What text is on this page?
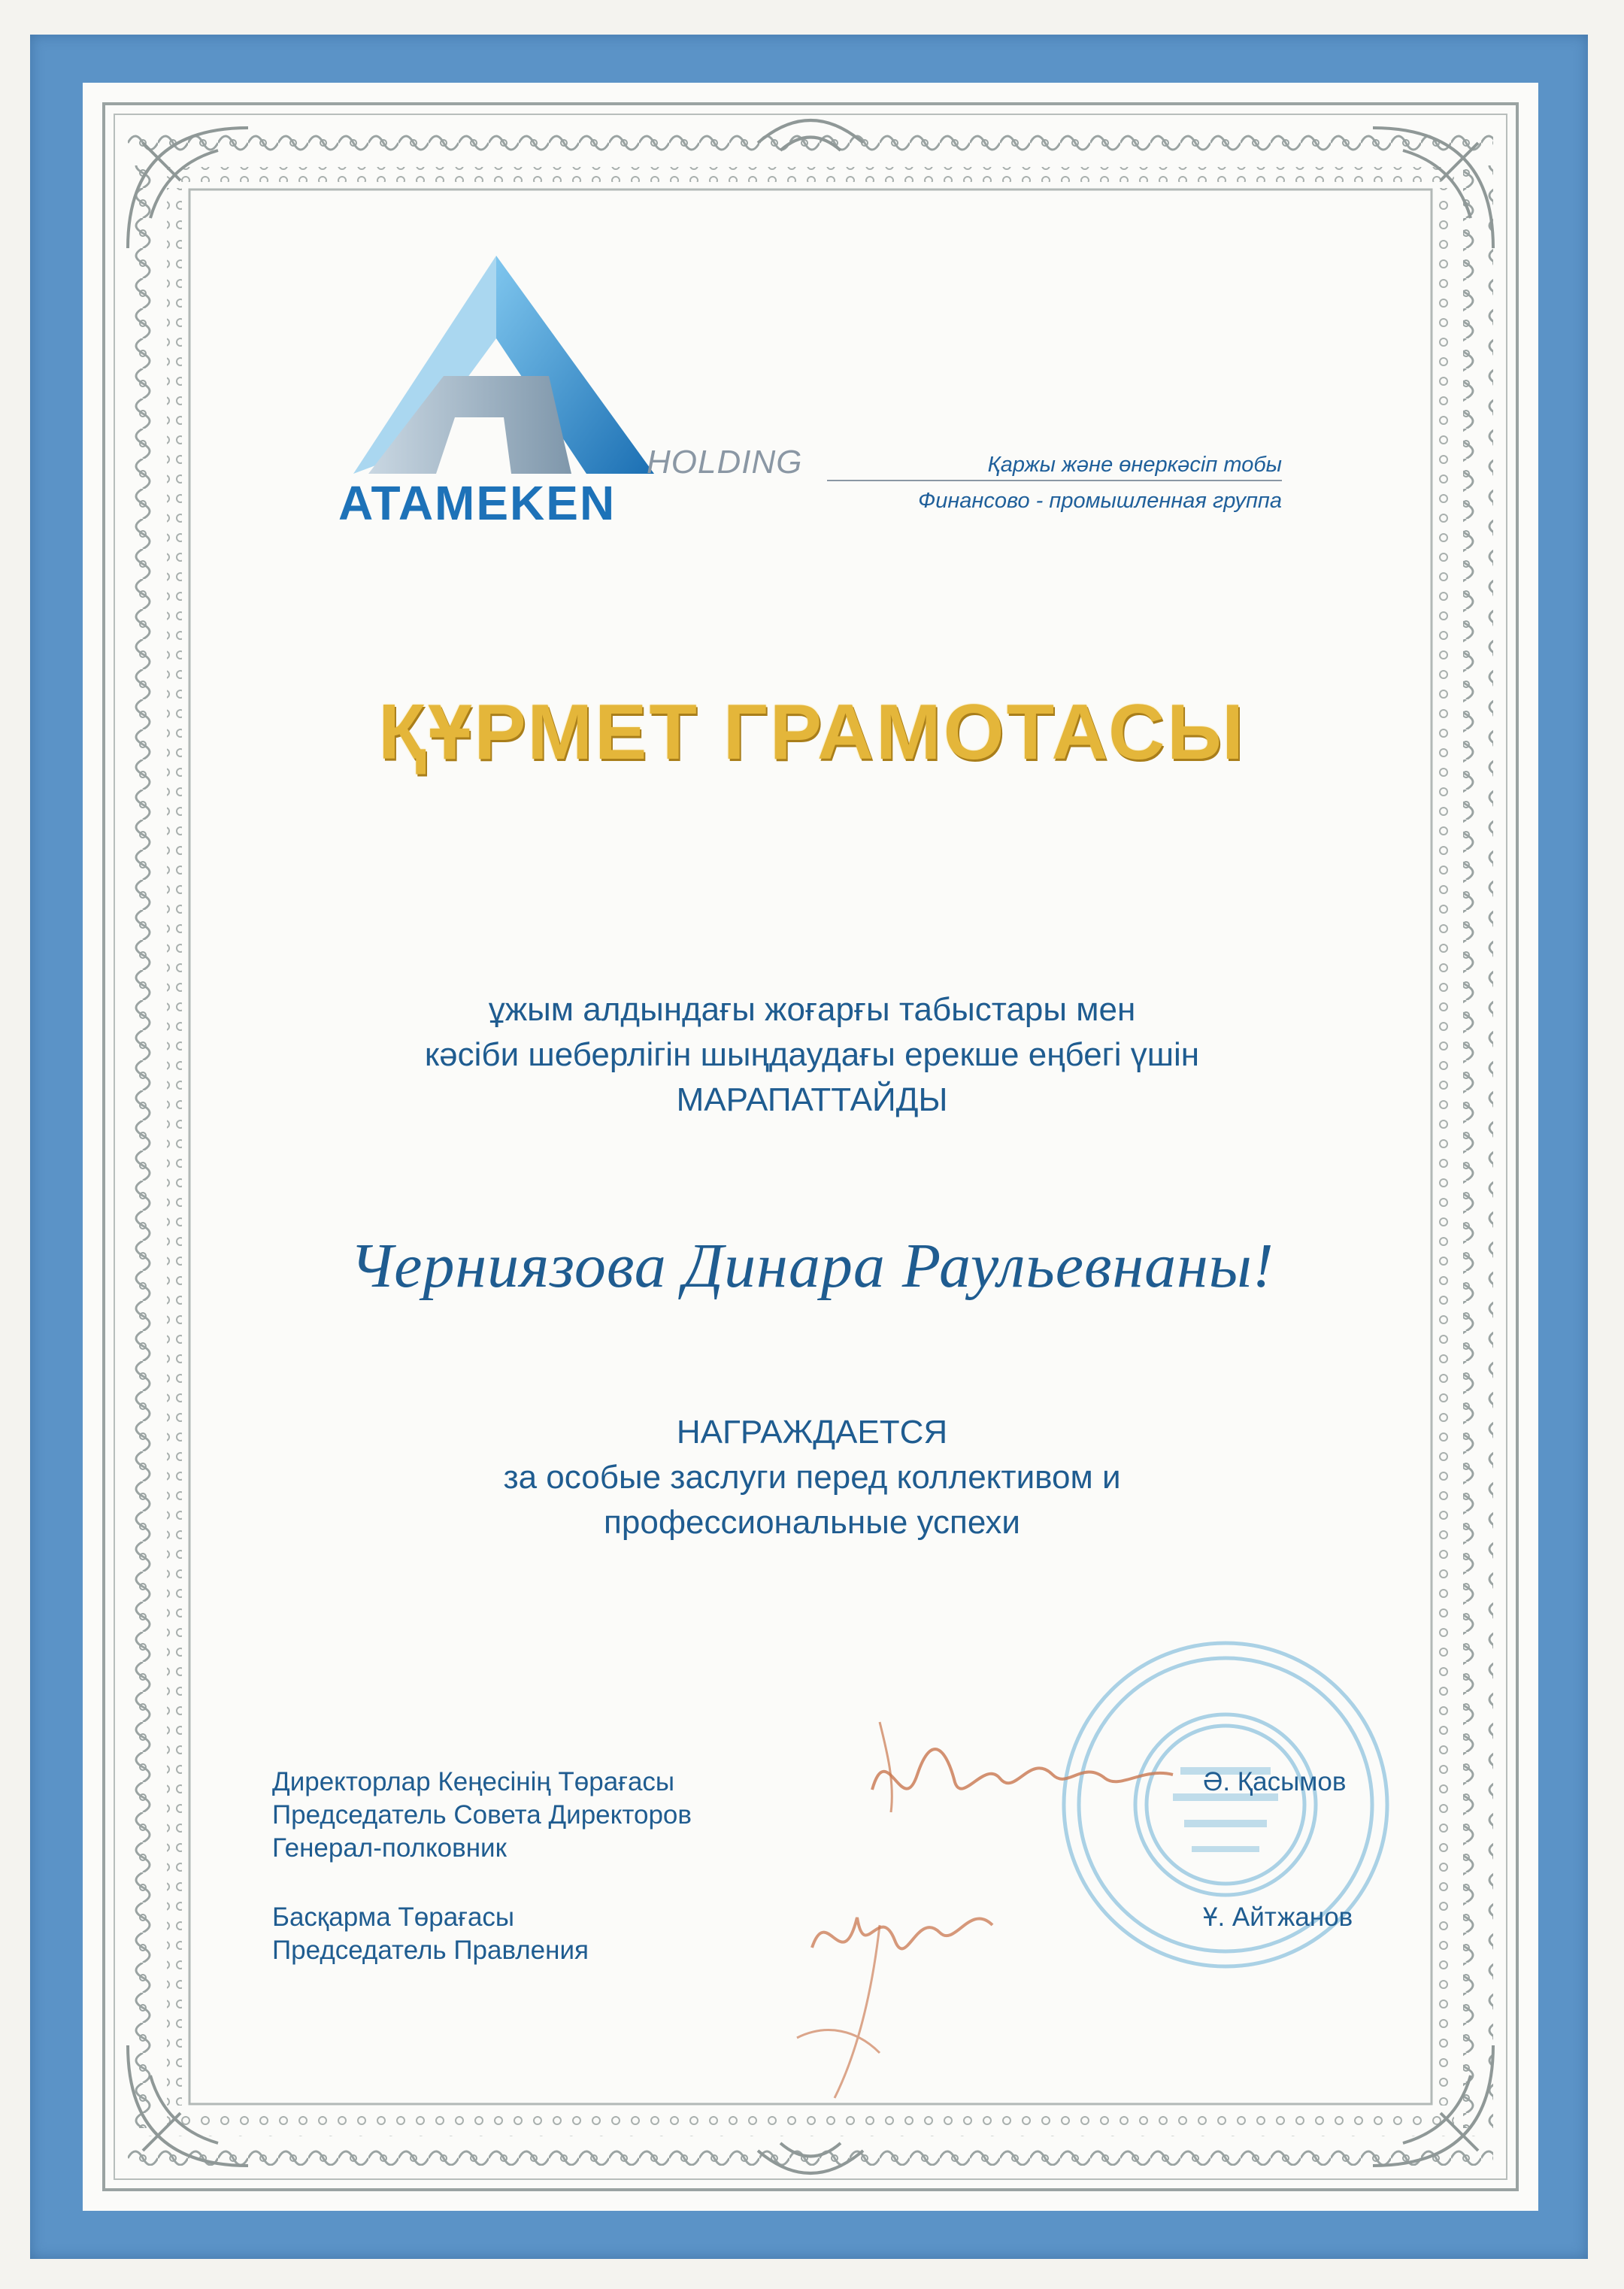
ATAMEKEN
HOLDING	Қаржы және өнеркәсіп тобы
Финансово - промышленная группа
ҚҰРМЕТ ГРАМОТАСЫ
ұжым алдындағы жоғарғы табыстары мен
кәсіби шеберлігін шыңдаудағы ерекше еңбегі үшін
МАРАПАТТАЙДЫ
Черниязова Динара Раульевнаны!
НАГРАЖДАЕТСЯ
за особые заслуги перед коллективом и
профессиональные успехи
Директорлар Кеңесінің Төрағасы
Председатель Совета Директоров
Генерал-полковник
Ә. Қасымов
Басқарма Төрағасы
Председатель Правления
Ұ. Айтжанов
